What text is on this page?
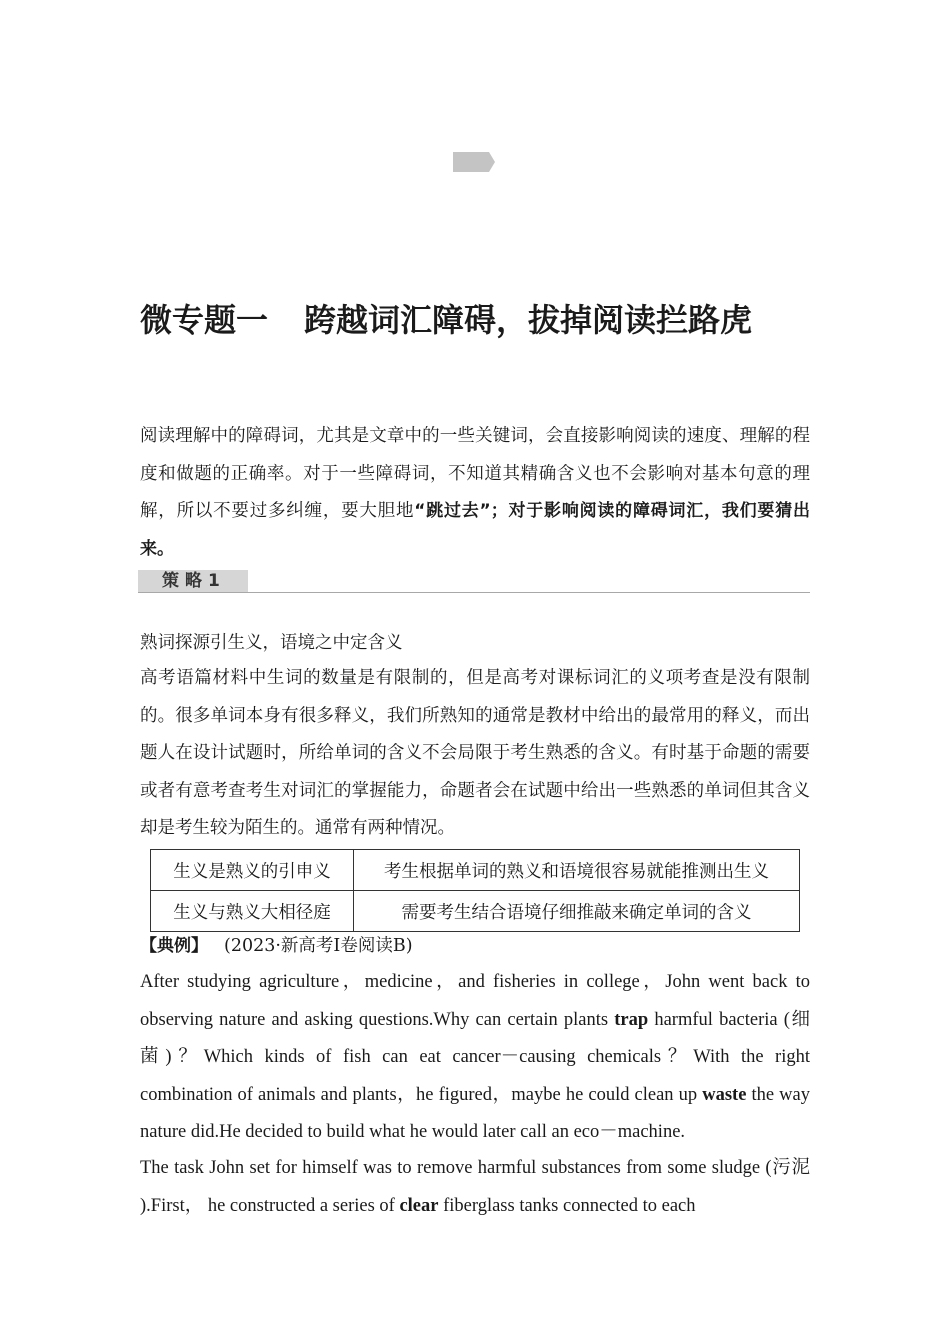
微专题一 跨越词汇障碍，拔掉阅读拦路虎
阅读理解中的障碍词，尤其是文章中的一些关键词，会直接影响阅读的速度、理解的程度和做题的正确率。对于一些障碍词，不知道其精确含义也不会影响对基本句意的理解，所以不要过多纠缠，要大胆地“跳过去”；对于影响阅读的障碍词汇，我们要猜出来。
策略1
熟词探源引生义，语境之中定含义
高考语篇材料中生词的数量是有限制的，但是高考对课标词汇的义项考查是没有限制的。很多单词本身有很多释义，我们所熟知的通常是教材中给出的最常用的释义，而出题人在设计试题时，所给单词的含义不会局限于考生熟悉的含义。有时基于命题的需要或者有意考查考生对词汇的掌握能力，命题者会在试题中给出一些熟悉的单词但其含义却是考生较为陌生的。通常有两种情况。
生义是熟义的引申义	考生根据单词的熟义和语境很容易就能推测出生义
生义与熟义大相径庭	需要考生结合语境仔细推敲来确定单词的含义
【典例】 (2023·新高考Ⅰ卷阅读B)
After studying agriculture，medicine，and fisheries in college，John went back to observing nature and asking questions.Why can certain plants trap harmful bacteria (细菌)？Which kinds of fish can eat cancer－causing chemicals？With the right combination of animals and plants，he figured，maybe he could clean up waste the way nature did.He decided to build what he would later call an eco－machine.
The task John set for himself was to remove harmful substances from some sludge (污泥 ).First， he constructed a series of clear fiberglass tanks connected to each
